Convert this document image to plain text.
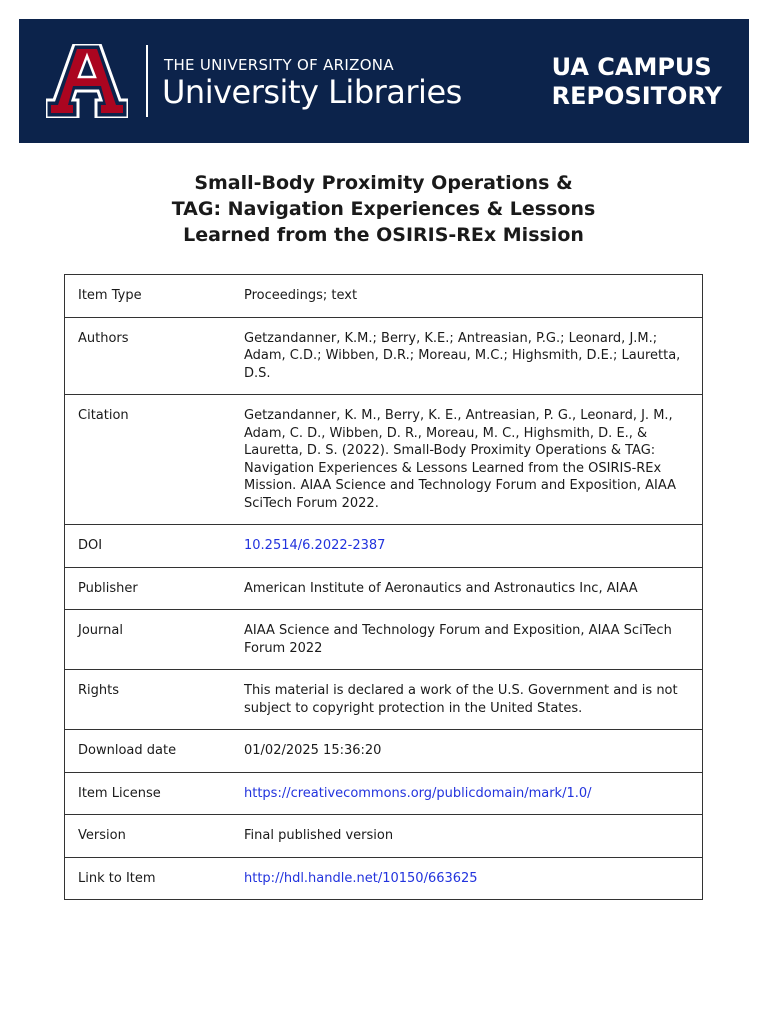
THE UNIVERSITY OF ARIZONA
University Libraries
UA CAMPUS
REPOSITORY
Small-Body Proximity Operations &
TAG: Navigation Experiences & Lessons
Learned from the OSIRIS-REx Mission
Item Type	Proceedings; text
Authors	Getzandanner, K.M.; Berry, K.E.; Antreasian, P.G.; Leonard, J.M.; Adam, C.D.; Wibben, D.R.; Moreau, M.C.; Highsmith, D.E.; Lauretta, D.S.
Citation	Getzandanner, K. M., Berry, K. E., Antreasian, P. G., Leonard, J. M., Adam, C. D., Wibben, D. R., Moreau, M. C., Highsmith, D. E., & Lauretta, D. S. (2022). Small-Body Proximity Operations & TAG: Navigation Experiences & Lessons Learned from the OSIRIS-REx Mission. AIAA Science and Technology Forum and Exposition, AIAA SciTech Forum 2022.
DOI	10.2514/6.2022-2387
Publisher	American Institute of Aeronautics and Astronautics Inc, AIAA
Journal	AIAA Science and Technology Forum and Exposition, AIAA SciTech Forum 2022
Rights	This material is declared a work of the U.S. Government and is not subject to copyright protection in the United States.
Download date	01/02/2025 15:36:20
Item License	https://creativecommons.org/publicdomain/mark/1.0/
Version	Final published version
Link to Item	http://hdl.handle.net/10150/663625
